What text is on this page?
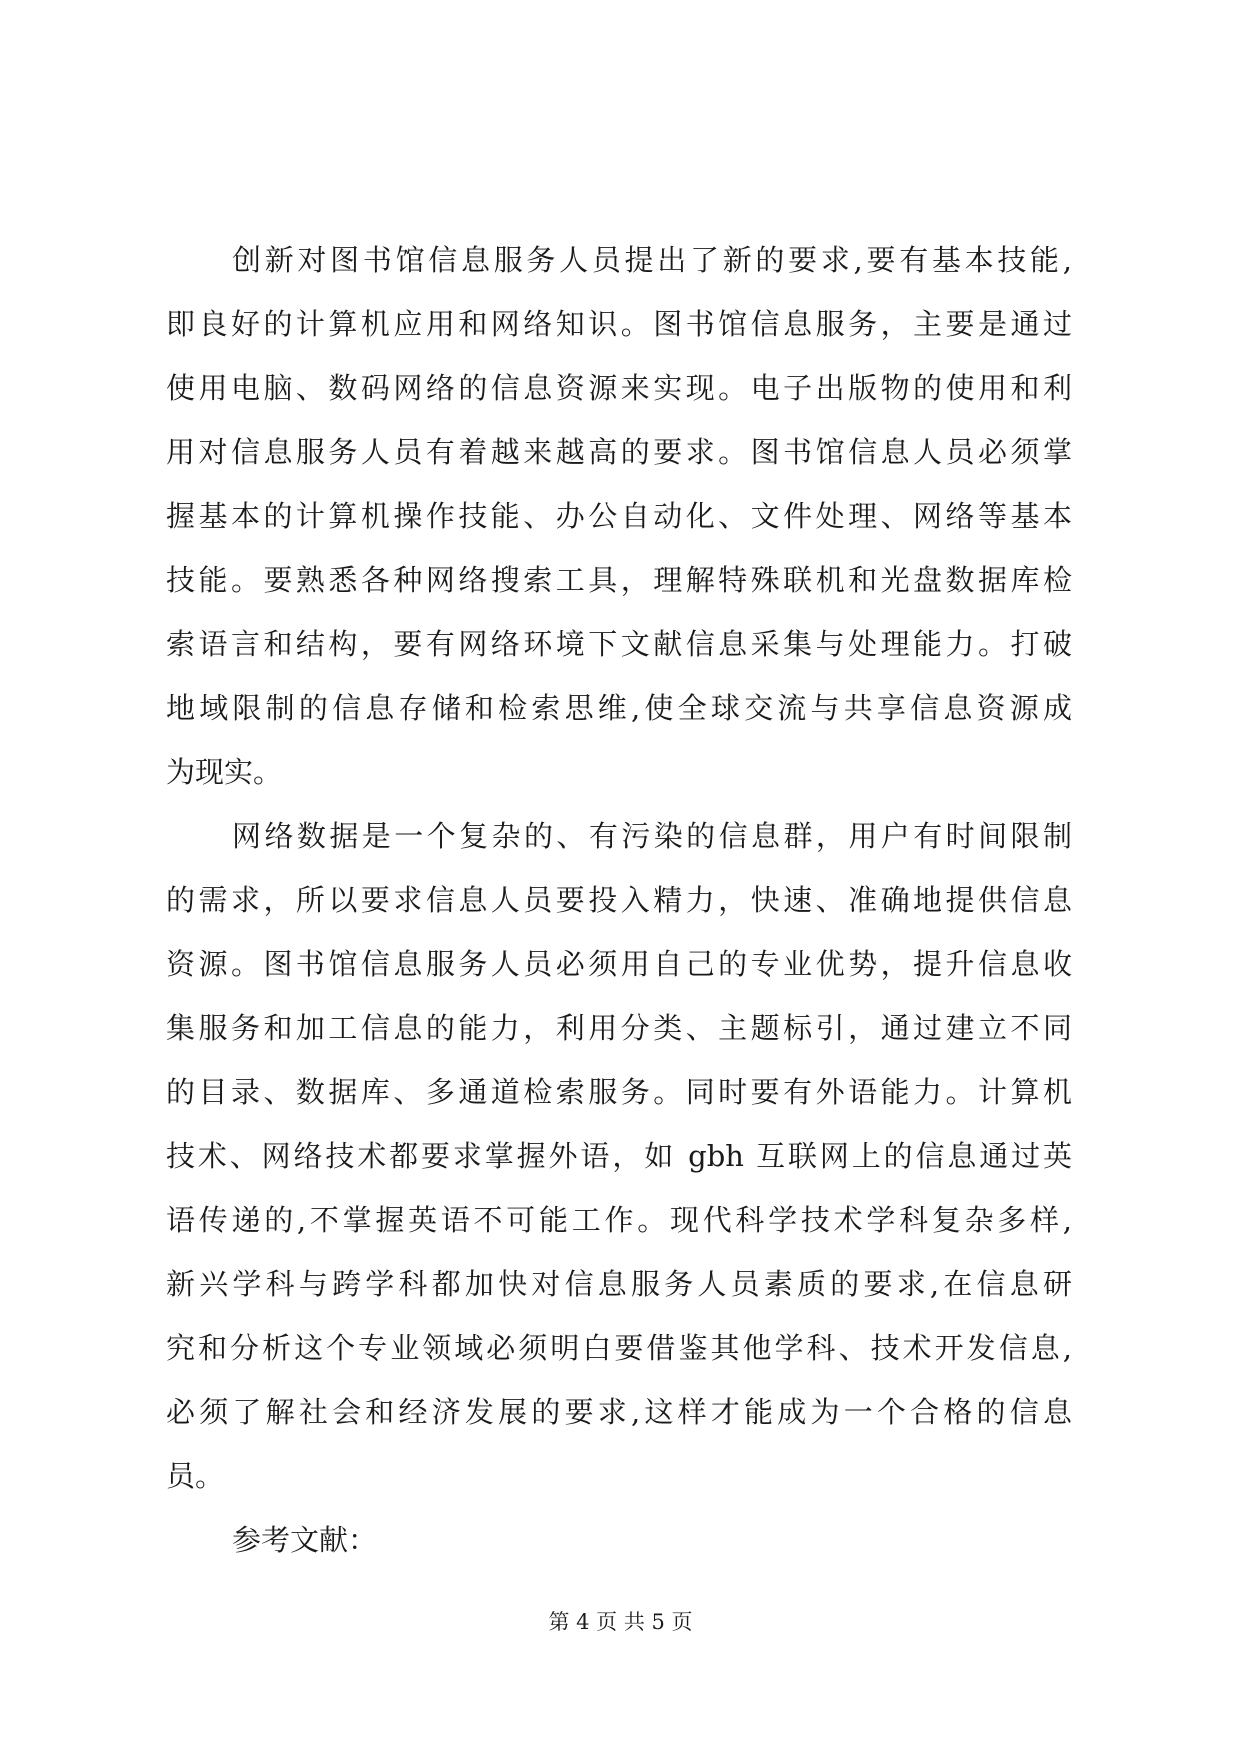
创新对图书馆信息服务人员提出了新的要求,要有基本技能,
即良好的计算机应用和网络知识。图书馆信息服务，主要是通过
使用电脑、数码网络的信息资源来实现。电子出版物的使用和利
用对信息服务人员有着越来越高的要求。图书馆信息人员必须掌
握基本的计算机操作技能、办公自动化、文件处理、网络等基本
技能。要熟悉各种网络搜索工具，理解特殊联机和光盘数据库检
索语言和结构，要有网络环境下文献信息采集与处理能力。打破
地域限制的信息存储和检索思维,使全球交流与共享信息资源成
为现实。
网络数据是一个复杂的、有污染的信息群，用户有时间限制
的需求，所以要求信息人员要投入精力，快速、准确地提供信息
资源。图书馆信息服务人员必须用自己的专业优势，提升信息收
集服务和加工信息的能力，利用分类、主题标引，通过建立不同
的目录、数据库、多通道检索服务。同时要有外语能力。计算机
技术、网络技术都要求掌握外语，如 gbh 互联网上的信息通过英
语传递的,不掌握英语不可能工作。现代科学技术学科复杂多样,
新兴学科与跨学科都加快对信息服务人员素质的要求,在信息研
究和分析这个专业领域必须明白要借鉴其他学科、技术开发信息,
必须了解社会和经济发展的要求,这样才能成为一个合格的信息
员。
参考文献：
第 4 页 共 5 页
